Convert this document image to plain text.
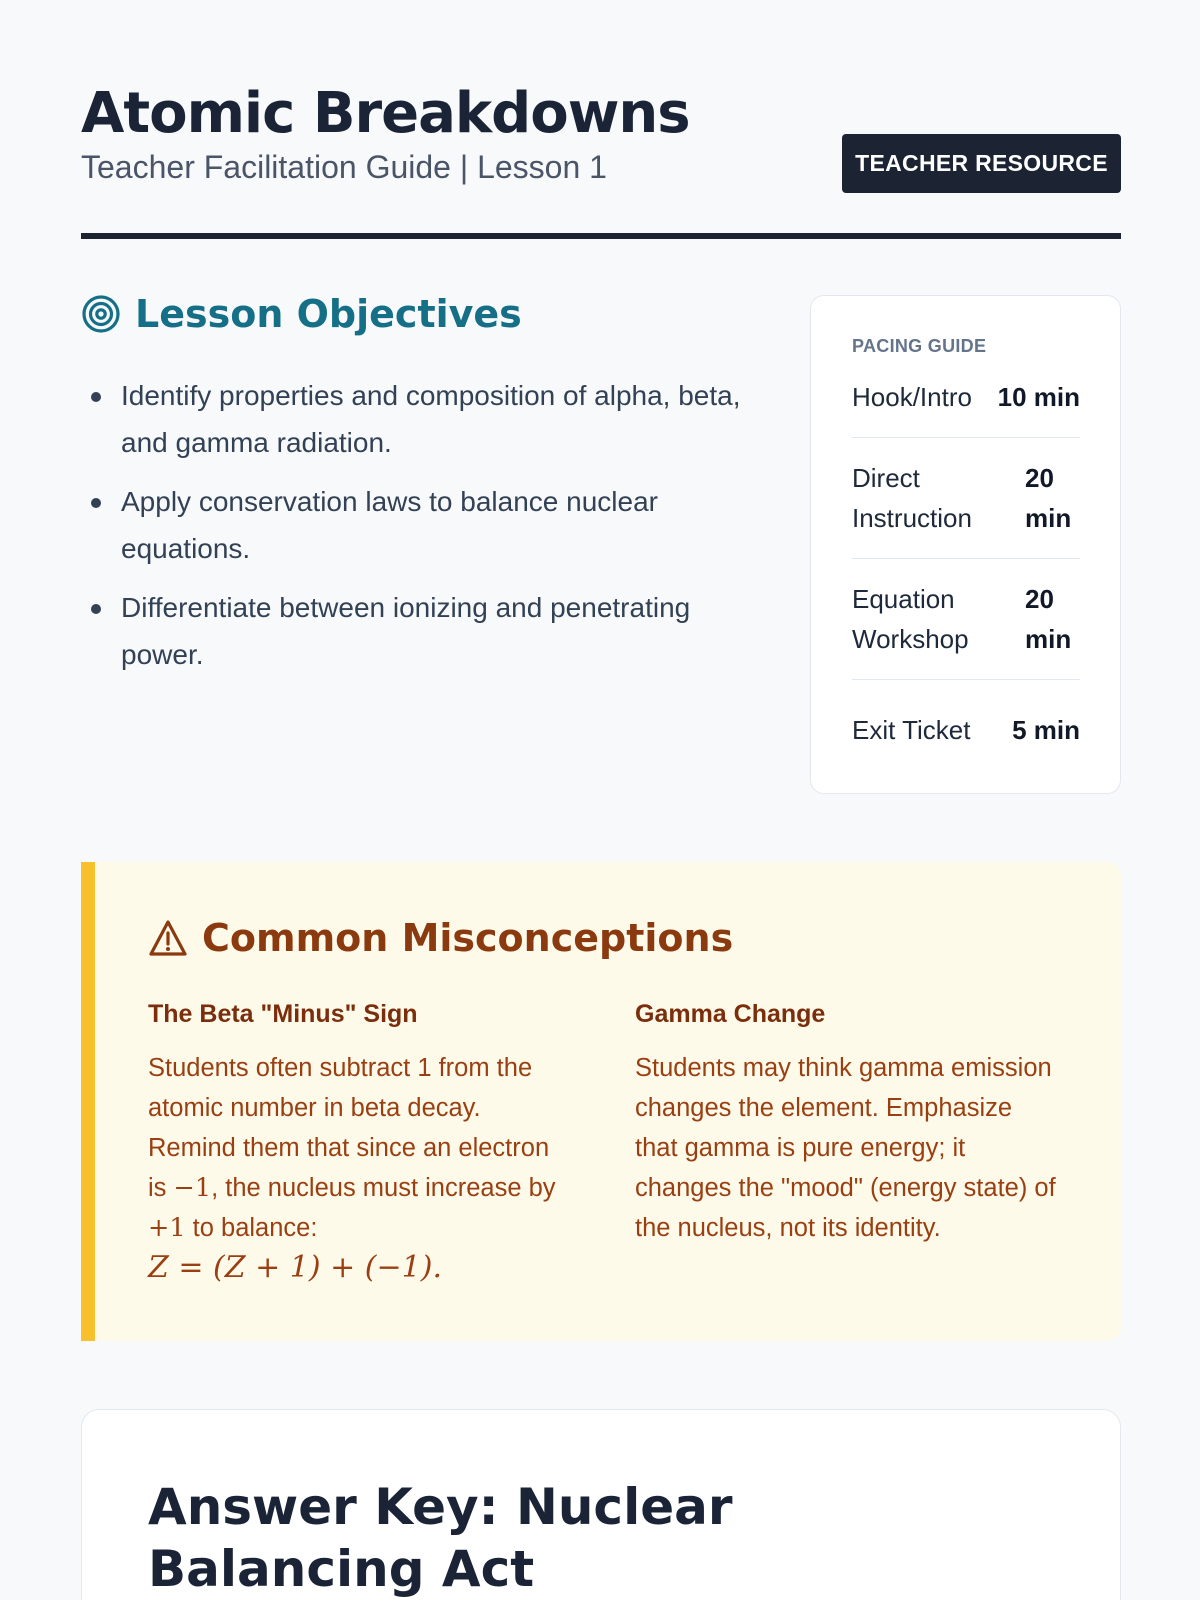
Atomic Breakdowns
Teacher Facilitation Guide | Lesson 1	TEACHER RESOURCE
Lesson Objectives
Identify properties and composition of alpha, beta, and gamma radiation.
Apply conservation laws to balance nuclear equations.
Differentiate between ionizing and penetrating power.
PACING GUIDE
Hook/Intro 10 min
Direct Instruction
20 min
Equation Workshop
20 min
Exit Ticket 5 min
Common Misconceptions
The Beta "Minus" Sign

Students often subtract 1 from the atomic number in beta decay. Remind them that since an electron is −1, the nucleus must increase by +1 to balance:
Z = (Z + 1) + (−1).

Gamma Change

Students may think gamma emission changes the element. Emphasize that gamma is pure energy; it changes the "mood" (energy state) of the nucleus, not its identity.

Answer Key: Nuclear Balancing Act
